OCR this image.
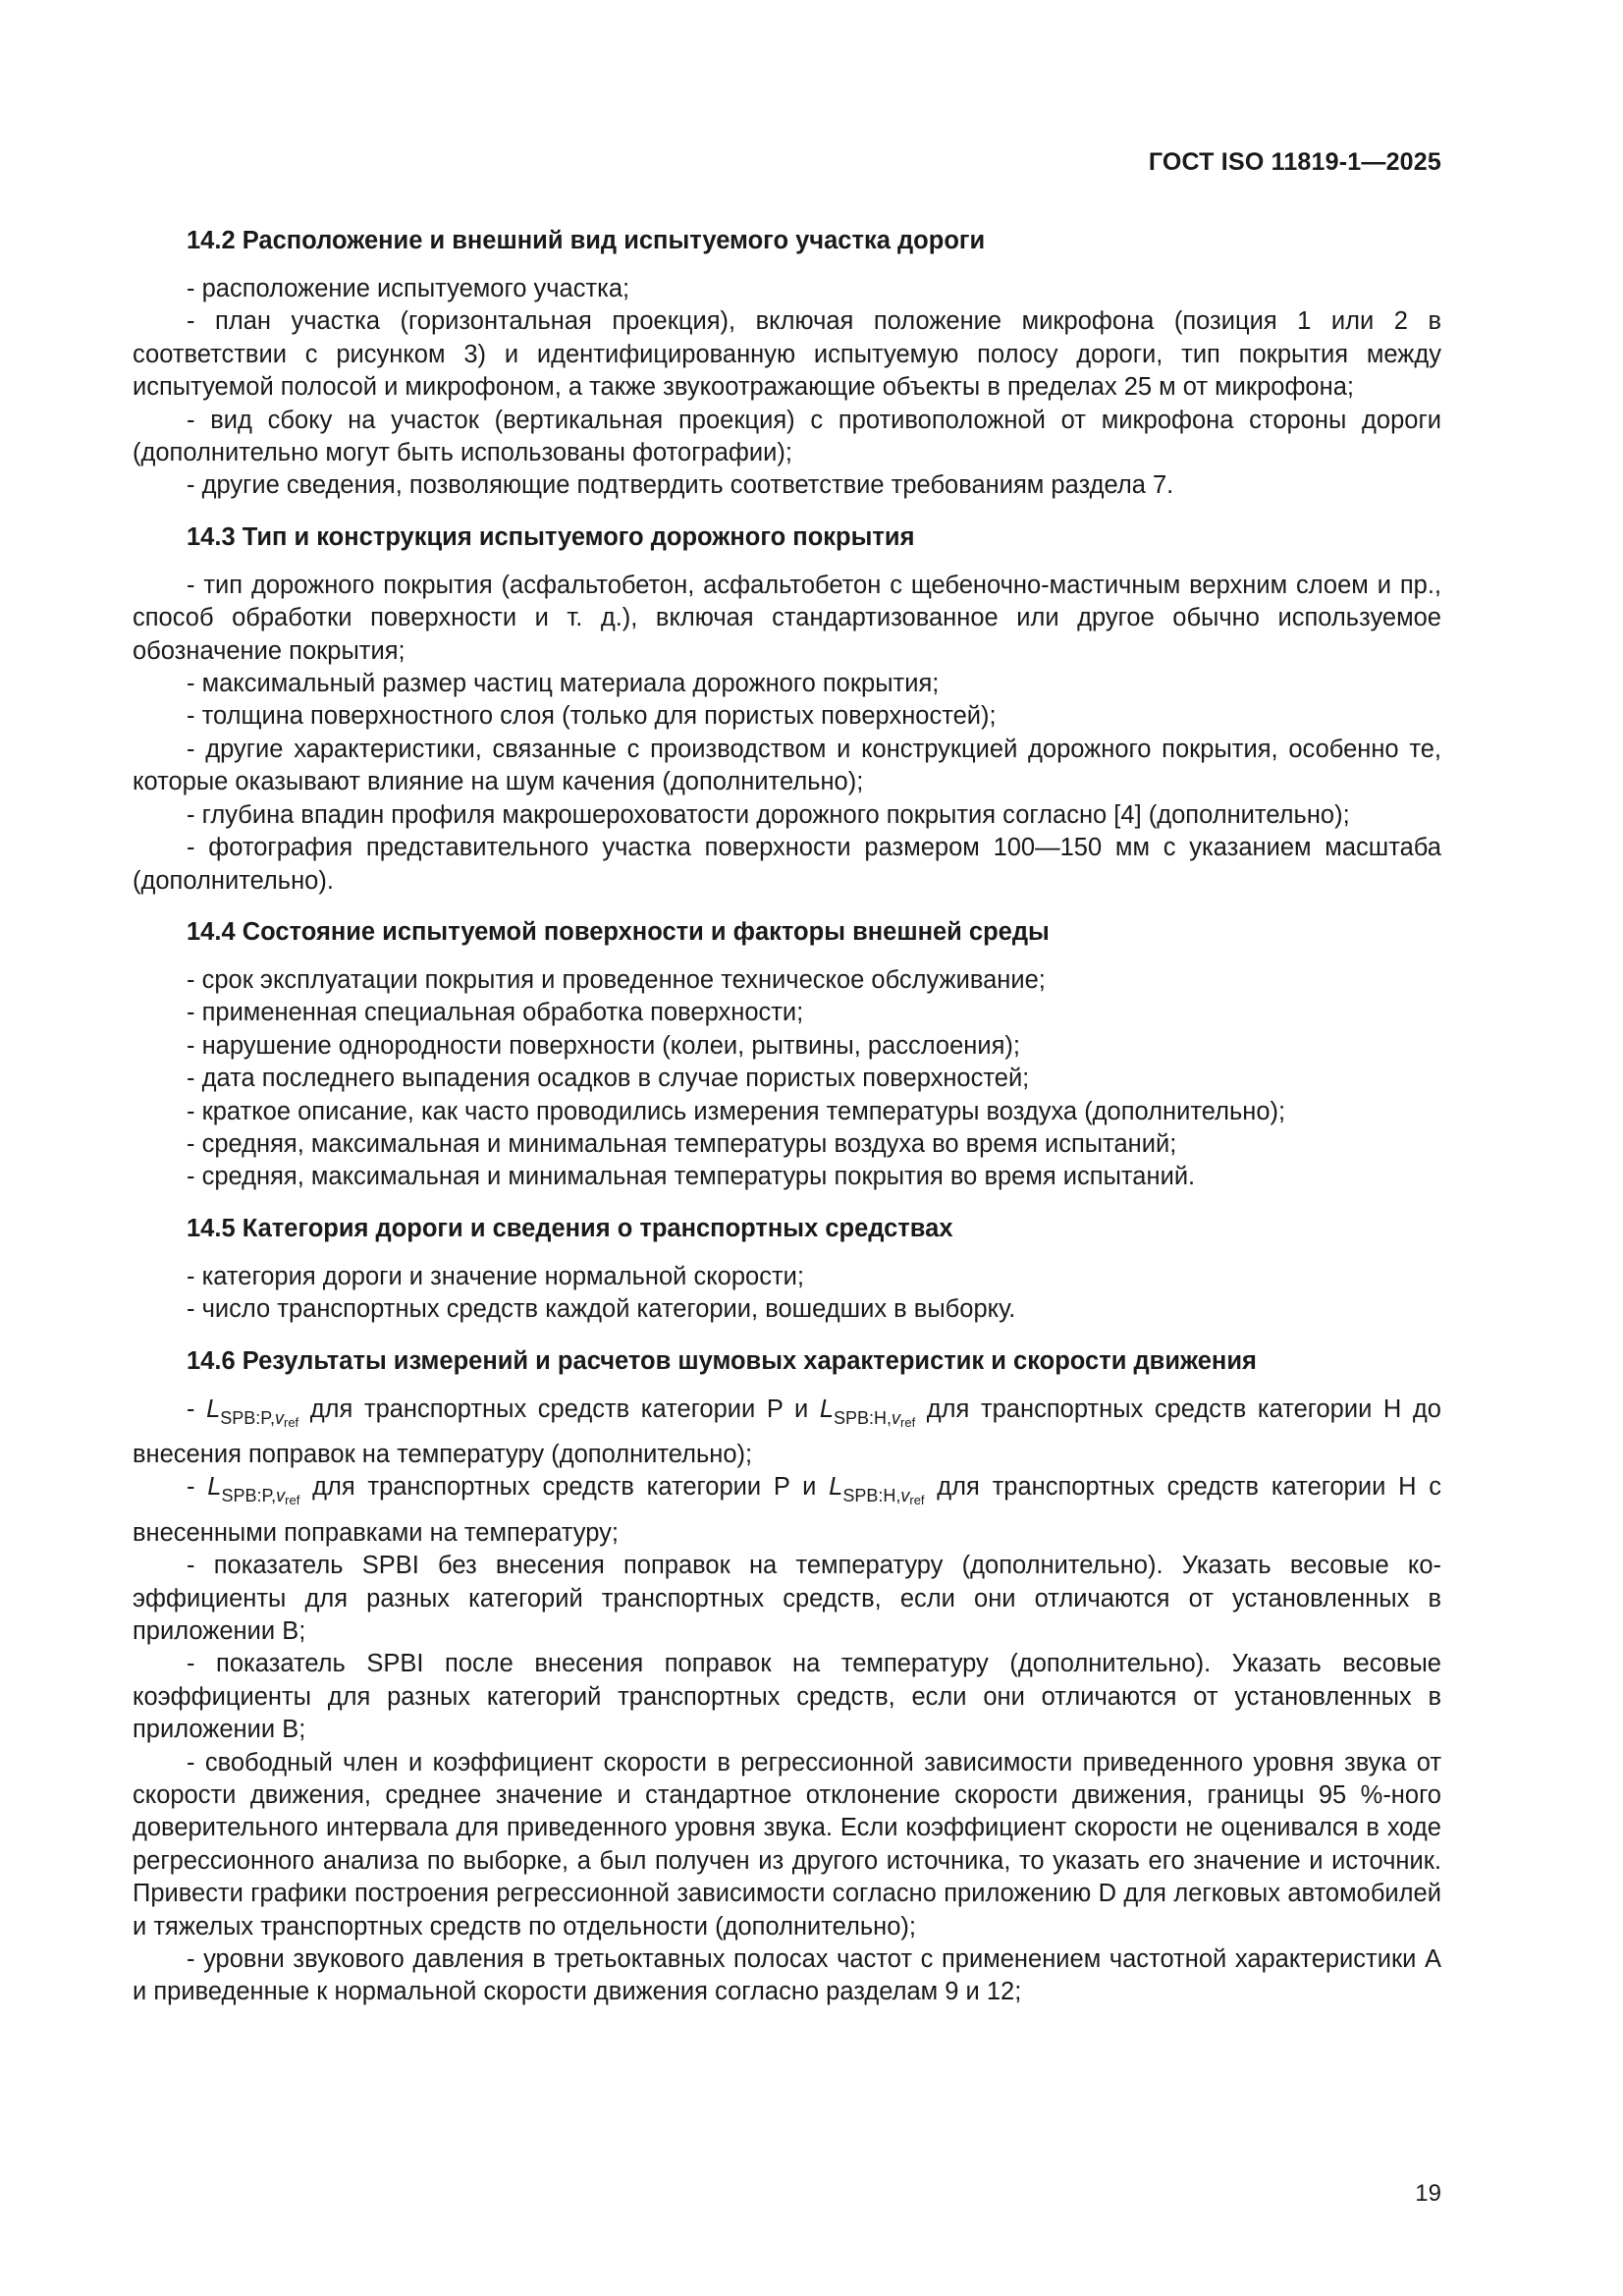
ГОСТ ISO 11819-1—2025
14.2 Расположение и внешний вид испытуемого участка дороги
- расположение испытуемого участка;
- план участка (горизонтальная проекция), включая положение микрофона (позиция 1 или 2 в соответствии с рисунком 3) и идентифицированную испытуемую полосу дороги, тип покрытия между испытуемой полосой и микрофоном, а также звукоотражающие объекты в пределах 25 м от микрофона;
- вид сбоку на участок (вертикальная проекция) с противоположной от микрофона стороны дороги (дополнительно могут быть использованы фотографии);
- другие сведения, позволяющие подтвердить соответствие требованиям раздела 7.
14.3 Тип и конструкция испытуемого дорожного покрытия
- тип дорожного покрытия (асфальтобетон, асфальтобетон с щебеночно-мастичным верхним слоем и пр., способ обработки поверхности и т. д.), включая стандартизованное или другое обычно используемое обозначение покрытия;
- максимальный размер частиц материала дорожного покрытия;
- толщина поверхностного слоя (только для пористых поверхностей);
- другие характеристики, связанные с производством и конструкцией дорожного покрытия, особенно те, которые оказывают влияние на шум качения (дополнительно);
- глубина впадин профиля макрошероховатости дорожного покрытия согласно [4] (дополнительно);
- фотография представительного участка поверхности размером 100—150 мм с указанием масштаба (дополнительно).
14.4 Состояние испытуемой поверхности и факторы внешней среды
- срок эксплуатации покрытия и проведенное техническое обслуживание;
- примененная специальная обработка поверхности;
- нарушение однородности поверхности (колеи, рытвины, расслоения);
- дата последнего выпадения осадков в случае пористых поверхностей;
- краткое описание, как часто проводились измерения температуры воздуха (дополнительно);
- средняя, максимальная и минимальная температуры воздуха во время испытаний;
- средняя, максимальная и минимальная температуры покрытия во время испытаний.
14.5 Категория дороги и сведения о транспортных средствах
- категория дороги и значение нормальной скорости;
- число транспортных средств каждой категории, вошедших в выборку.
14.6 Результаты измерений и расчетов шумовых характеристик и скорости движения
- $L_{SPB:P,vref}$ для транспортных средств категории P и $L_{SPB:H,vref}$ для транспортных средств категории H до внесения поправок на температуру (дополнительно);
- $L_{SPB:P,vref}$ для транспортных средств категории P и $L_{SPB:H,vref}$ для транспортных средств категории H с внесенными поправками на температуру;
- показатель SPBI без внесения поправок на температуру (дополнительно). Указать весовые коэффициенты для разных категорий транспортных средств, если они отличаются от установленных в приложении B;
- показатель SPBI после внесения поправок на температуру (дополнительно). Указать весовые коэффициенты для разных категорий транспортных средств, если они отличаются от установленных в приложении B;
- свободный член и коэффициент скорости в регрессионной зависимости приведенного уровня звука от скорости движения, среднее значение и стандартное отклонение скорости движения, границы 95 %-ного доверительного интервала для приведенного уровня звука. Если коэффициент скорости не оценивался в ходе регрессионного анализа по выборке, а был получен из другого источника, то указать его значение и источник. Привести графики построения регрессионной зависимости согласно приложению D для легковых автомобилей и тяжелых транспортных средств по отдельности (дополнительно);
- уровни звукового давления в третьоктавных полосах частот с применением частотной характеристики A и приведенные к нормальной скорости движения согласно разделам 9 и 12;
19
